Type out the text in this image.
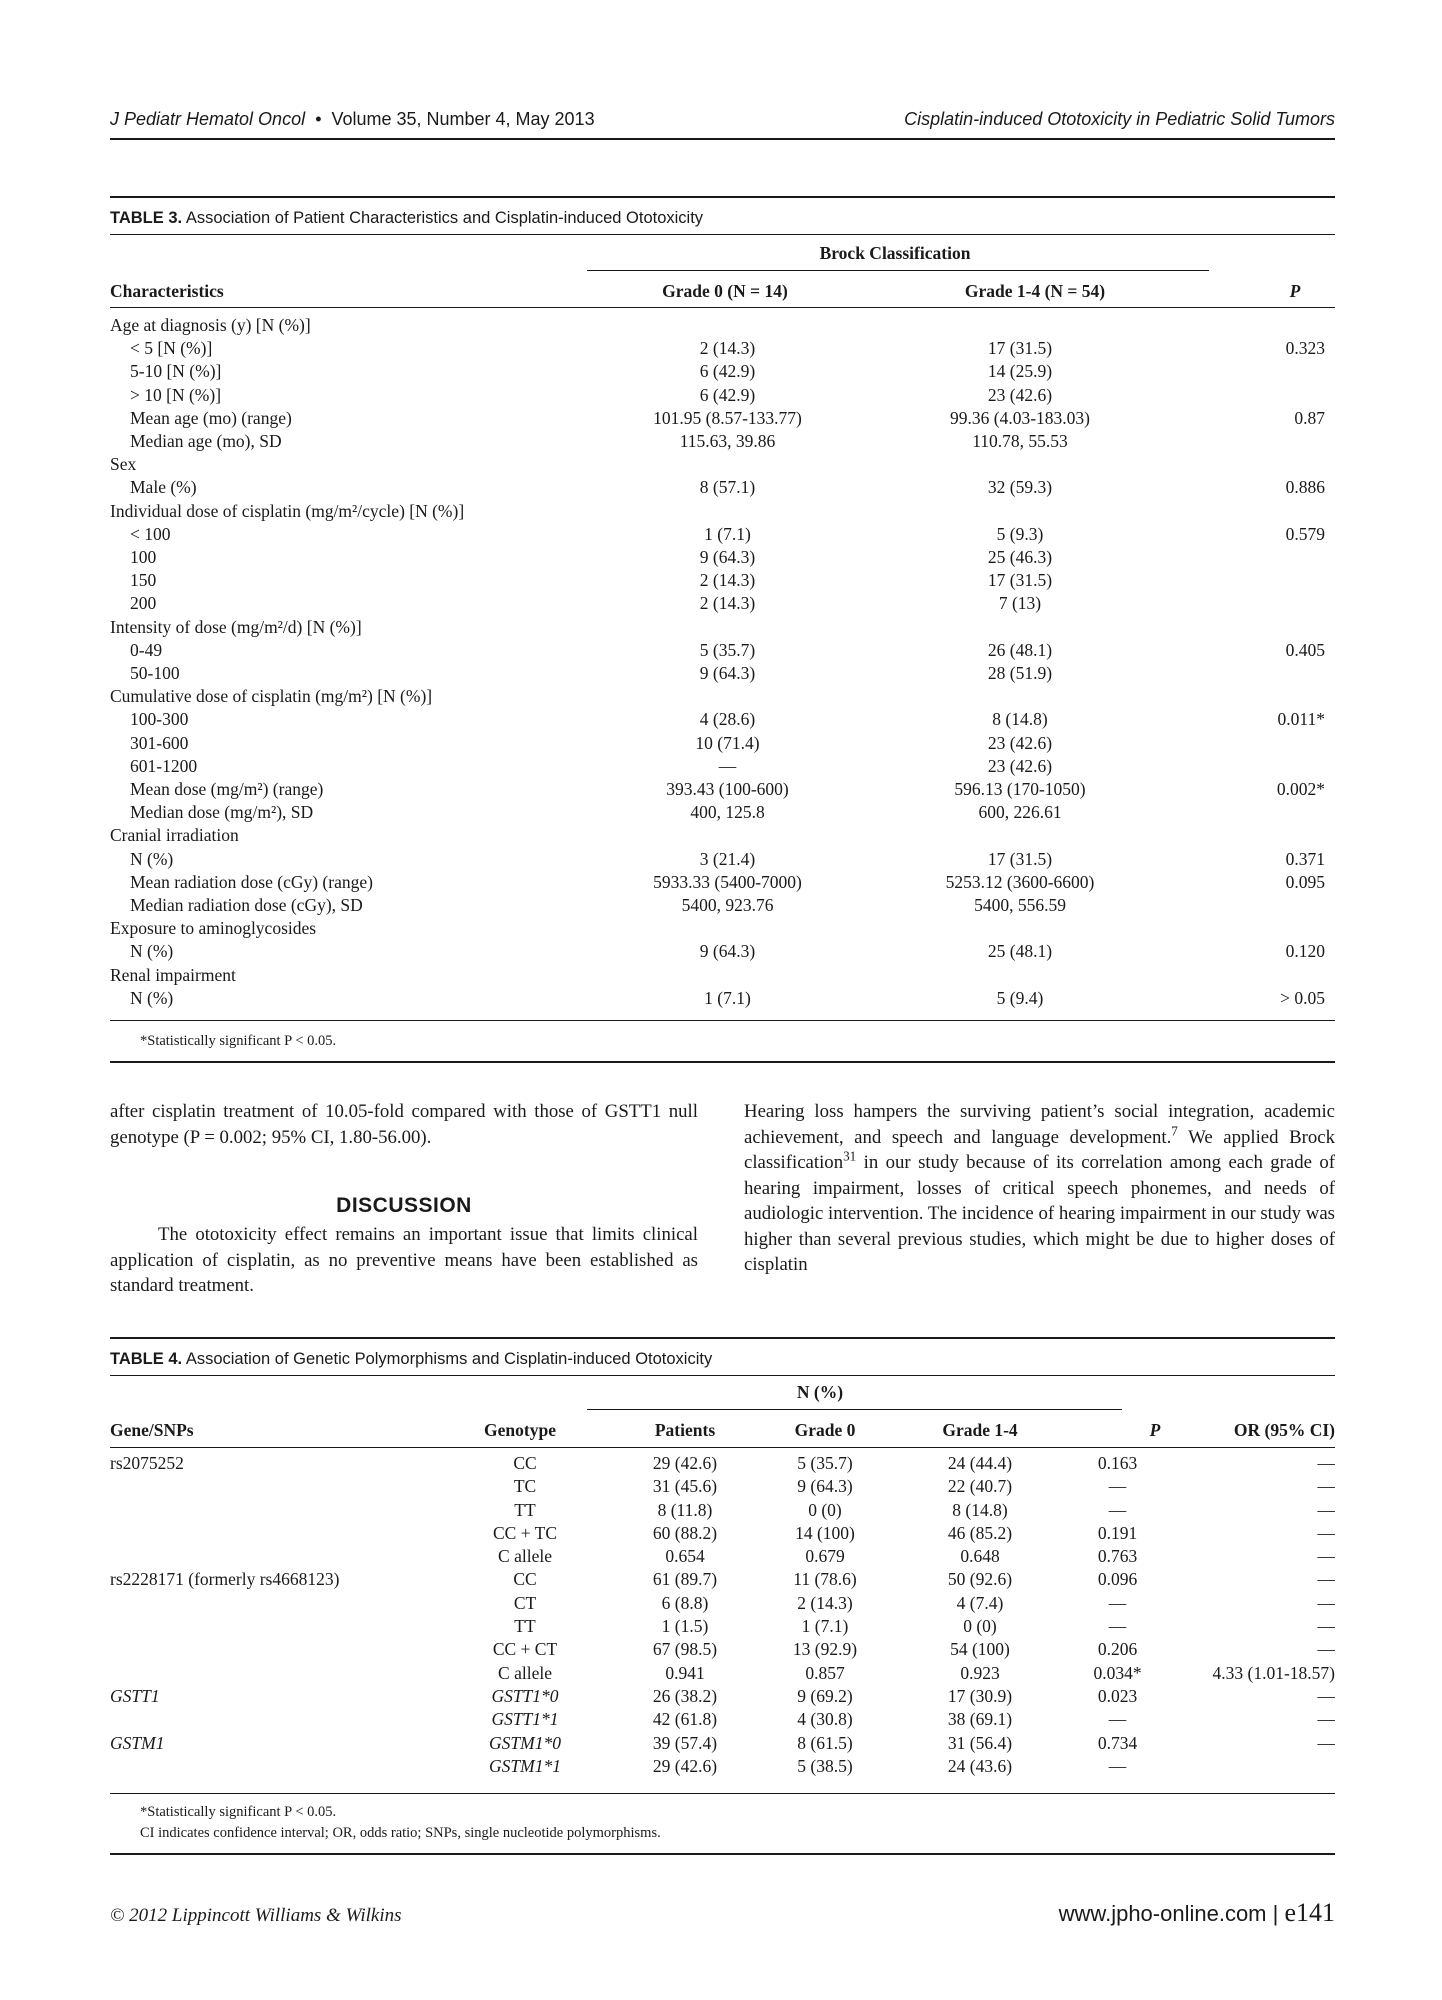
J Pediatr Hematol Oncol  •  Volume 35, Number 4, May 2013	Cisplatin-induced Ototoxicity in Pediatric Solid Tumors
TABLE 3. Association of Patient Characteristics and Cisplatin-induced Ototoxicity
Brock Classification
Characteristics	Grade 0 (N = 14)	Grade 1-4 (N = 54)	P
Age at diagnosis (y) [N (%)]			
< 5 [N (%)]	2 (14.3)	17 (31.5)	0.323
5-10 [N (%)]	6 (42.9)	14 (25.9)	
> 10 [N (%)]	6 (42.9)	23 (42.6)	
Mean age (mo) (range)	101.95 (8.57-133.77)	99.36 (4.03-183.03)	0.87
Median age (mo), SD	115.63, 39.86	110.78, 55.53	
Sex			
Male (%)	8 (57.1)	32 (59.3)	0.886
Individual dose of cisplatin (mg/m²/cycle) [N (%)]			
< 100	1 (7.1)	5 (9.3)	0.579
100	9 (64.3)	25 (46.3)	
150	2 (14.3)	17 (31.5)	
200	2 (14.3)	7 (13)	
Intensity of dose (mg/m²/d) [N (%)]			
0-49	5 (35.7)	26 (48.1)	0.405
50-100	9 (64.3)	28 (51.9)	
Cumulative dose of cisplatin (mg/m²) [N (%)]			
100-300	4 (28.6)	8 (14.8)	0.011*
301-600	10 (71.4)	23 (42.6)	
601-1200	—	23 (42.6)	
Mean dose (mg/m²) (range)	393.43 (100-600)	596.13 (170-1050)	0.002*
Median dose (mg/m²), SD	400, 125.8	600, 226.61	
Cranial irradiation			
N (%)	3 (21.4)	17 (31.5)	0.371
Mean radiation dose (cGy) (range)	5933.33 (5400-7000)	5253.12 (3600-6600)	0.095
Median radiation dose (cGy), SD	5400, 923.76	5400, 556.59	
Exposure to aminoglycosides			
N (%)	9 (64.3)	25 (48.1)	0.120
Renal impairment			
N (%)	1 (7.1)	5 (9.4)	> 0.05
*Statistically significant P < 0.05.

after cisplatin treatment of 10.05-fold compared with those of GSTT1 null genotype (P = 0.002; 95% CI, 1.80-56.00).

DISCUSSION

The ototoxicity effect remains an important issue that limits clinical application of cisplatin, as no preventive means have been established as standard treatment.

Hearing loss hampers the surviving patient’s social integration, academic achievement, and speech and language development.$^7$ We applied Brock classification$^{31}$ in our study because of its correlation among each grade of hearing impairment, losses of critical speech phonemes, and needs of audiologic intervention. The incidence of hearing impairment in our study was higher than several previous studies, which might be due to higher doses of cisplatin

TABLE 4. Association of Genetic Polymorphisms and Cisplatin-induced Ototoxicity
N (%)
Gene/SNPs	Genotype	Patients	Grade 0	Grade 1-4	P	OR (95% CI)
rs2075252	CC	29 (42.6)	5 (35.7)	24 (44.4)	0.163	—
	TC	31 (45.6)	9 (64.3)	22 (40.7)	—	—
	TT	8 (11.8)	0 (0)	8 (14.8)	—	—
	CC + TC	60 (88.2)	14 (100)	46 (85.2)	0.191	—
	C allele	0.654	0.679	0.648	0.763	—
rs2228171 (formerly rs4668123)	CC	61 (89.7)	11 (78.6)	50 (92.6)	0.096	—
	CT	6 (8.8)	2 (14.3)	4 (7.4)	—	—
	TT	1 (1.5)	1 (7.1)	0 (0)	—	—
	CC + CT	67 (98.5)	13 (92.9)	54 (100)	0.206	—
	C allele	0.941	0.857	0.923	0.034*	4.33 (1.01-18.57)
GSTT1	GSTT1*0	26 (38.2)	9 (69.2)	17 (30.9)	0.023	—
	GSTT1*1	42 (61.8)	4 (30.8)	38 (69.1)	—	—
GSTM1	GSTM1*0	39 (57.4)	8 (61.5)	31 (56.4)	0.734	—
	GSTM1*1	29 (42.6)	5 (38.5)	24 (43.6)	—	
*Statistically significant P < 0.05.
CI indicates confidence interval; OR, odds ratio; SNPs, single nucleotide polymorphisms.
© 2012 Lippincott Williams & Wilkins	www.jpho-online.com | e141
